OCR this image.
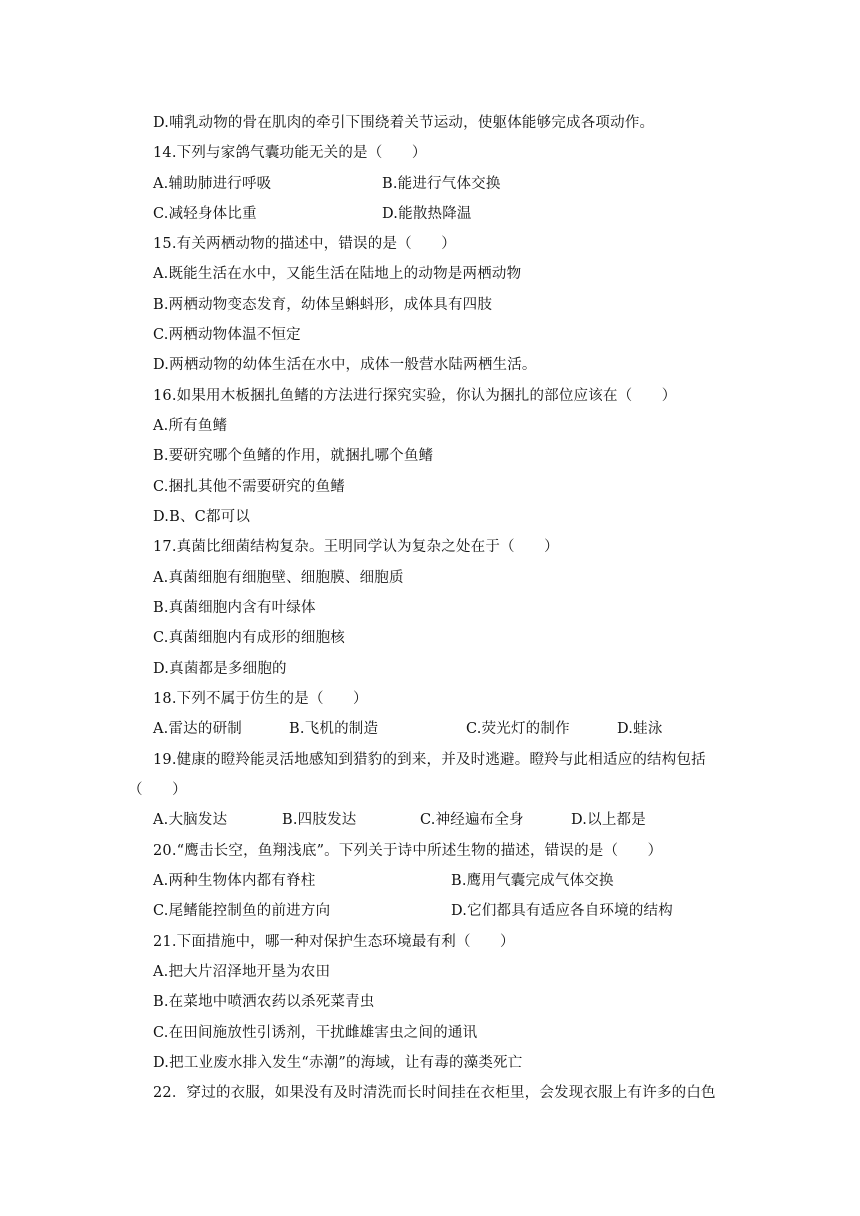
D.哺乳动物的骨在肌肉的牵引下围绕着关节运动，使躯体能够完成各项动作。
14.下列与家鸽气囊功能无关的是（　　）
A.辅助肺进行呼吸	B.能进行气体交换
C.减轻身体比重	D.能散热降温
15.有关两栖动物的描述中，错误的是（　　）
A.既能生活在水中，又能生活在陆地上的动物是两栖动物
B.两栖动物变态发育，幼体呈蝌蚪形，成体具有四肢
C.两栖动物体温不恒定
D.两栖动物的幼体生活在水中，成体一般营水陆两栖生活。
16.如果用木板捆扎鱼鳍的方法进行探究实验，你认为捆扎的部位应该在（　　）
A.所有鱼鳍
B.要研究哪个鱼鳍的作用，就捆扎哪个鱼鳍
C.捆扎其他不需要研究的鱼鳍
D.B、C都可以
17.真菌比细菌结构复杂。王明同学认为复杂之处在于（　　）
A.真菌细胞有细胞壁、细胞膜、细胞质
B.真菌细胞内含有叶绿体
C.真菌细胞内有成形的细胞核
D.真菌都是多细胞的
18.下列不属于仿生的是（　　）
A.雷达的研制	B.飞机的制造	C.荧光灯的制作	D.蛙泳
19.健康的瞪羚能灵活地感知到猎豹的到来，并及时逃避。瞪羚与此相适应的结构包括
（　　）
A.大脑发达	B.四肢发达	C.神经遍布全身	D.以上都是
20.“鹰击长空，鱼翔浅底”。下列关于诗中所述生物的描述，错误的是（　　）
A.两种生物体内都有脊柱	B.鹰用气囊完成气体交换
C.尾鳍能控制鱼的前进方向	D.它们都具有适应各自环境的结构
21.下面措施中，哪一种对保护生态环境最有利（　　）
A.把大片沼泽地开垦为农田
B.在菜地中喷洒农药以杀死菜青虫
C.在田间施放性引诱剂，干扰雌雄害虫之间的通讯
D.把工业废水排入发生“赤潮”的海域，让有毒的藻类死亡
22．穿过的衣服，如果没有及时清洗而长时间挂在衣柜里，会发现衣服上有许多的白色
